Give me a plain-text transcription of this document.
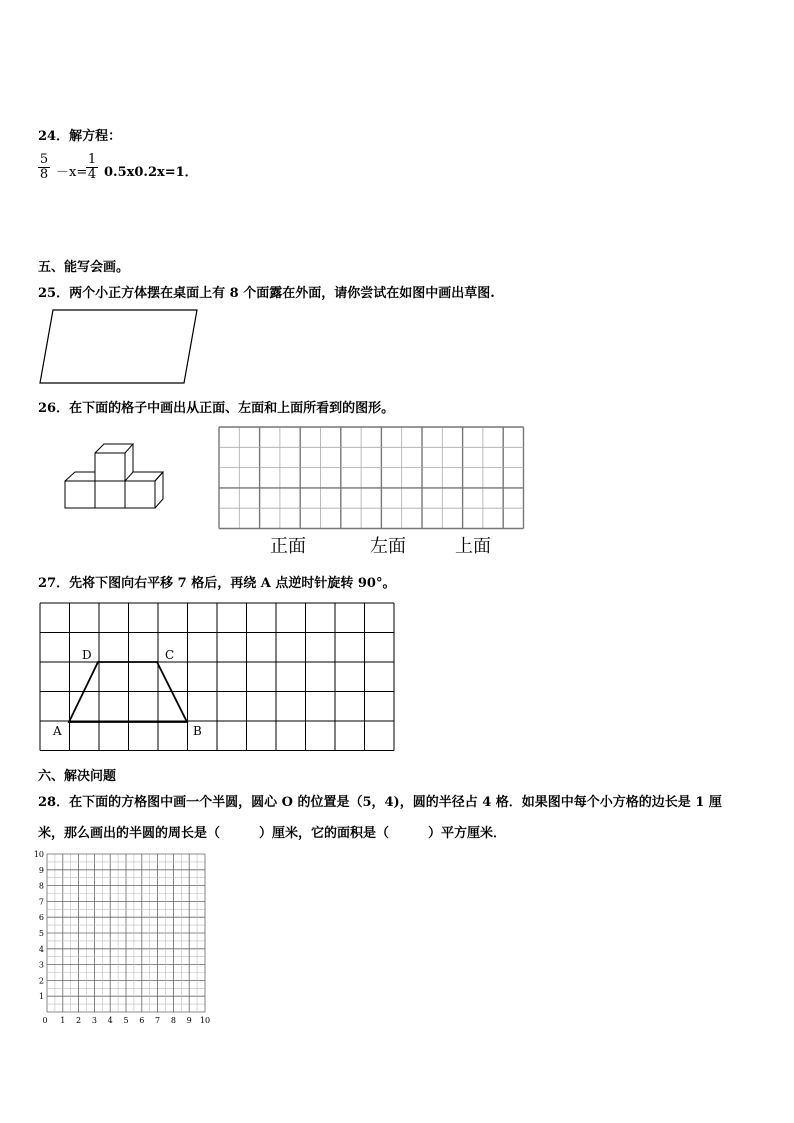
24．解方程：
$\frac{5}{8} -x=$
$\frac{1}{4} 0.5x0.2x=1$．
五、能写会画。
25．两个小正方体摆在桌面上有 8 个面露在外面，请你尝试在如图中画出草图.
26．在下面的格子中画出从正面、左面和上面所看到的图形。
正面	左面	上面
27．先将下图向右平移 7 格后，再绕 A 点逆时针旋转 90°。
D	C
A	B
六、解决问题
28．在下面的方格图中画一个半圆，圆心 O 的位置是（5，4)，圆的半径占 4 格．如果图中每个小方格的边长是 1 厘
米，那么画出的半圆的周长是（　　　）厘米，它的面积是（　　　）平方厘米．
0 1 2 3 4 5 6 7 8 9 10
10
9
8
7
6
5
4
3
2
1
